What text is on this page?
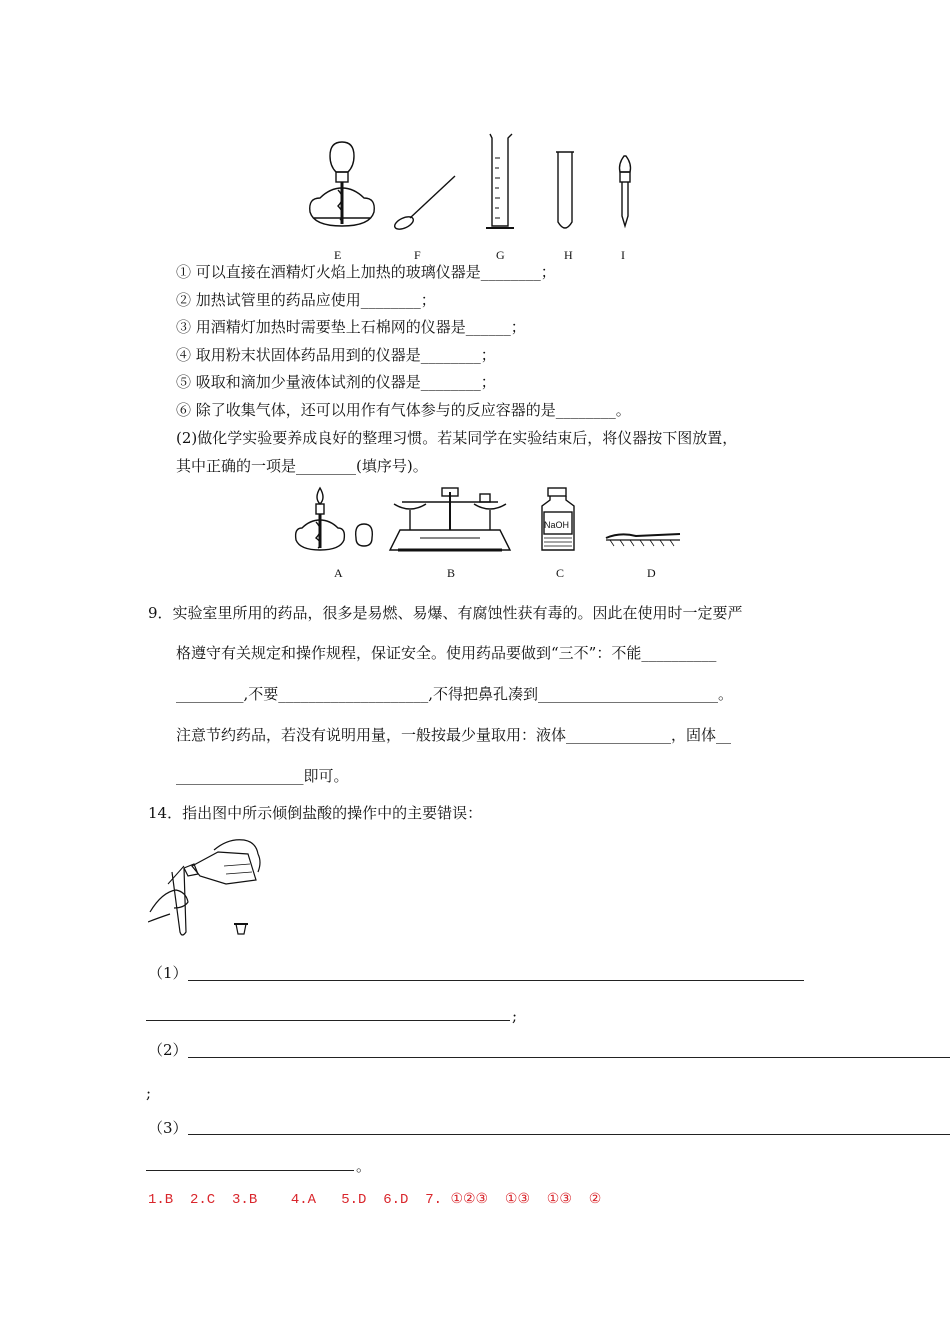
E	F	G	H	I
① 可以直接在酒精灯火焰上加热的玻璃仪器是________；
② 加热试管里的药品应使用________；
③ 用酒精灯加热时需要垫上石棉网的仪器是______；
④ 取用粉末状固体药品用到的仪器是________；
⑤ 吸取和滴加少量液体试剂的仪器是________；
⑥ 除了收集气体，还可以用作有气体参与的反应容器的是________。
(2)做化学实验要养成良好的整理习惯。若某同学在实验结束后，将仪器按下图放置，
其中正确的一项是________(填序号)。
NaOH
A	B	C	D
9．实验室里所用的药品，很多是易燃、易爆、有腐蚀性获有毒的。因此在使用时一定要严
格遵守有关规定和操作规程，保证安全。使用药品要做到“三不”：不能__________
_________,不要____________________,不得把鼻孔凑到________________________。
注意节约药品，若没有说明用量，一般按最少量取用：液体______________，固体__
_________________即可。
14．指出图中所示倾倒盐酸的操作中的主要错误：
（1）
;
（2）
;
（3）
。
1.B  2.C  3.B    4.A   5.D  6.D  7. ①②③  ①③  ①③  ②
